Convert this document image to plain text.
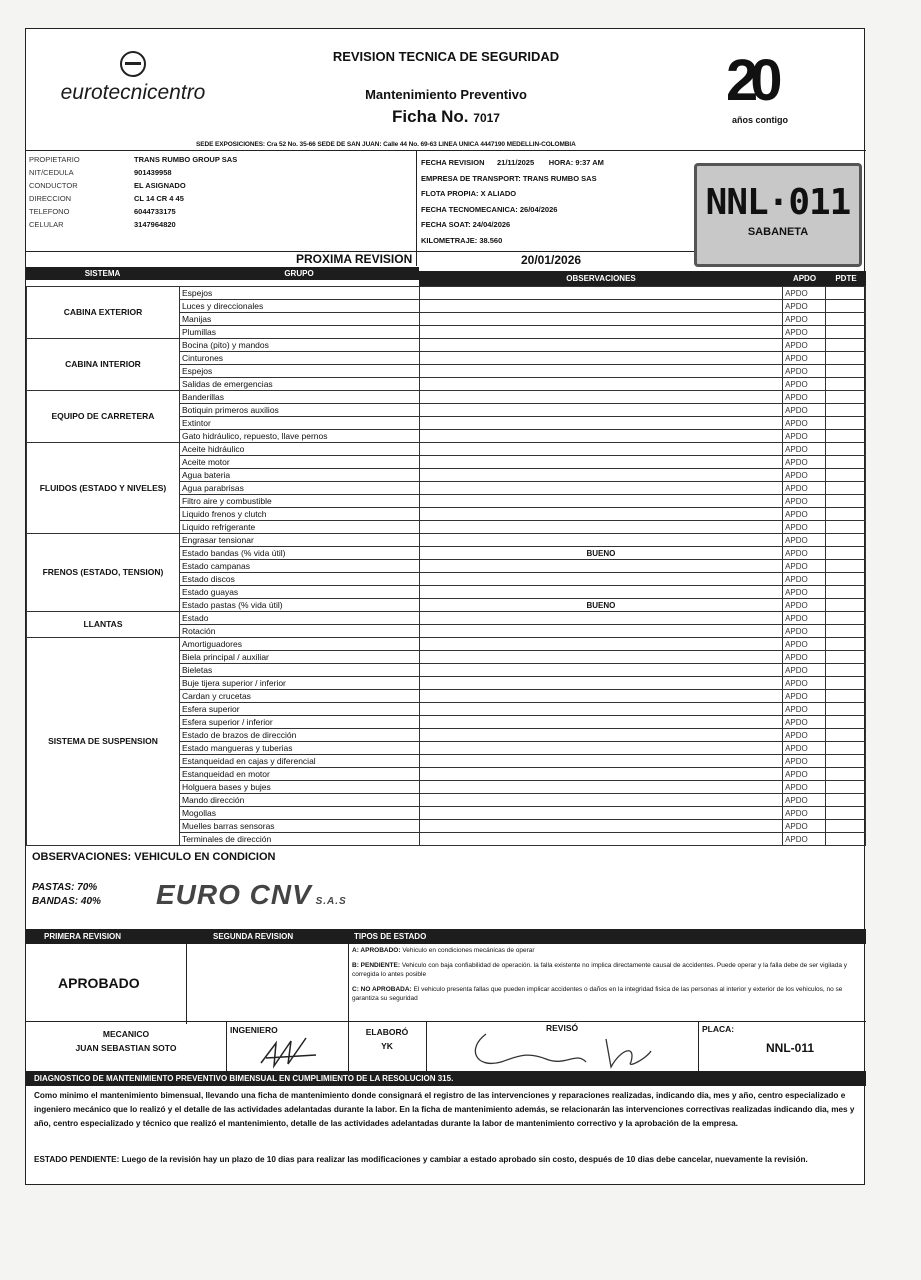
eurotecnicentro
REVISION TECNICA DE SEGURIDAD
Mantenimiento Preventivo
Ficha No. 7017
20
años contigo
SEDE EXPOSICIONES: Cra 52 No. 35-66 SEDE DE SAN JUAN: Calle 44 No. 69-63 LINEA UNICA 4447190 MEDELLIN-COLOMBIA
PROPIETARIO	TRANS RUMBO GROUP SAS
NIT/CEDULA	901439958
CONDUCTOR	EL ASIGNADO
DIRECCION	CL 14 CR 4 45
TELEFONO	6044733175
CELULAR	3147964820
FECHA REVISION 21/11/2025 HORA: 9:37 AM
EMPRESA DE TRANSPORT: TRANS RUMBO SAS
FLOTA PROPIA: X ALIADO
FECHA TECNOMECANICA: 26/04/2026
FECHA SOAT: 24/04/2026
KILOMETRAJE: 38.560
NNL·011
SABANETA
PROXIMA REVISION	20/01/2026
SISTEMA	GRUPO
OBSERVACIONES	APDO	PDTE
CABINA EXTERIOR	Espejos		APDO	
	Luces y direccionales		APDO	
	Manijas		APDO	
	Plumillas		APDO	
CABINA INTERIOR	Bocina (pito) y mandos		APDO	
	Cinturones		APDO	
	Espejos		APDO	
	Salidas de emergencias		APDO	
EQUIPO DE CARRETERA	Banderillas		APDO	
	Botiquin primeros auxilios		APDO	
	Extintor		APDO	
	Gato hidráulico, repuesto, llave pernos		APDO	
FLUIDOS (ESTADO Y NIVELES)	Aceite hidráulico		APDO	
	Aceite motor		APDO	
	Agua bateria		APDO	
	Agua parabrisas		APDO	
	Filtro aire y combustible		APDO	
	Liquido frenos y clutch		APDO	
	Liquido refrigerante		APDO	
FRENOS (ESTADO, TENSION)	Engrasar tensionar		APDO	
	Estado bandas (% vida útil)	BUENO	APDO	
	Estado campanas		APDO	
	Estado discos		APDO	
	Estado guayas		APDO	
	Estado pastas (% vida útil)	BUENO	APDO	
LLANTAS	Estado		APDO	
	Rotación		APDO	
SISTEMA DE SUSPENSION	Amortiguadores		APDO	
	Biela principal / auxiliar		APDO	
	Bieletas		APDO	
	Buje tijera superior / inferior		APDO	
	Cardan y crucetas		APDO	
	Esfera superior		APDO	
	Esfera superior / inferior		APDO	
	Estado de brazos de dirección		APDO	
	Estado mangueras y tuberias		APDO	
	Estanqueidad en cajas y diferencial		APDO	
	Estanqueidad en motor		APDO	
	Holguera bases y bujes		APDO	
	Mando dirección		APDO	
	Mogollas		APDO	
	Muelles barras sensoras		APDO	
	Terminales de dirección		APDO	
OBSERVACIONES: VEHICULO EN CONDICION
PASTAS: 70%
BANDAS: 40% EURO CNV S.A.S
PRIMERA REVISION	SEGUNDA REVISION	TIPOS DE ESTADO
APROBADO
A: APROBADO: Vehiculo en condiciones mecánicas de operar
B: PENDIENTE: Vehiculo con baja confiabilidad de operación. la falla existente no implica directamente causal de accidentes. Puede operar y la falla debe de ser vigilada y corregida lo antes posible
C: NO APROBADA: El vehiculo presenta fallas que pueden implicar accidentes o daños en la integridad fisica de las personas al interior y exterior de los vehiculos, no se garantiza su seguridad
MECANICO
JUAN SEBASTIAN SOTO
INGENIERO	ELABORÓ
YK
REVISÓ	PLACA:
NNL-011
DIAGNOSTICO DE MANTENIMIENTO PREVENTIVO BIMENSUAL EN CUMPLIMIENTO DE LA RESOLUCION 315.
Como minimo el mantenimiento bimensual, llevando una ficha de mantenimiento donde consignará el registro de las intervenciones y reparaciones realizadas, indicando dia, mes y año, centro especializado e ingeniero mecánico que lo realizó y el detalle de las actividades adelantadas durante la labor. En la ficha de mantenimiento además, se relacionarán las intervenciones correctivas realizadas indicando dia, mes y año, centro especializado y técnico que realizó el mantenimiento, detalle de las actividades adelantadas durante la labor de mantenimiento correctivo y la aprobación de la empresa.
ESTADO PENDIENTE: Luego de la revisión hay un plazo de 10 dias para realizar las modificaciones y cambiar a estado aprobado sin costo, después de 10 dias debe cancelar, nuevamente la revisión.
